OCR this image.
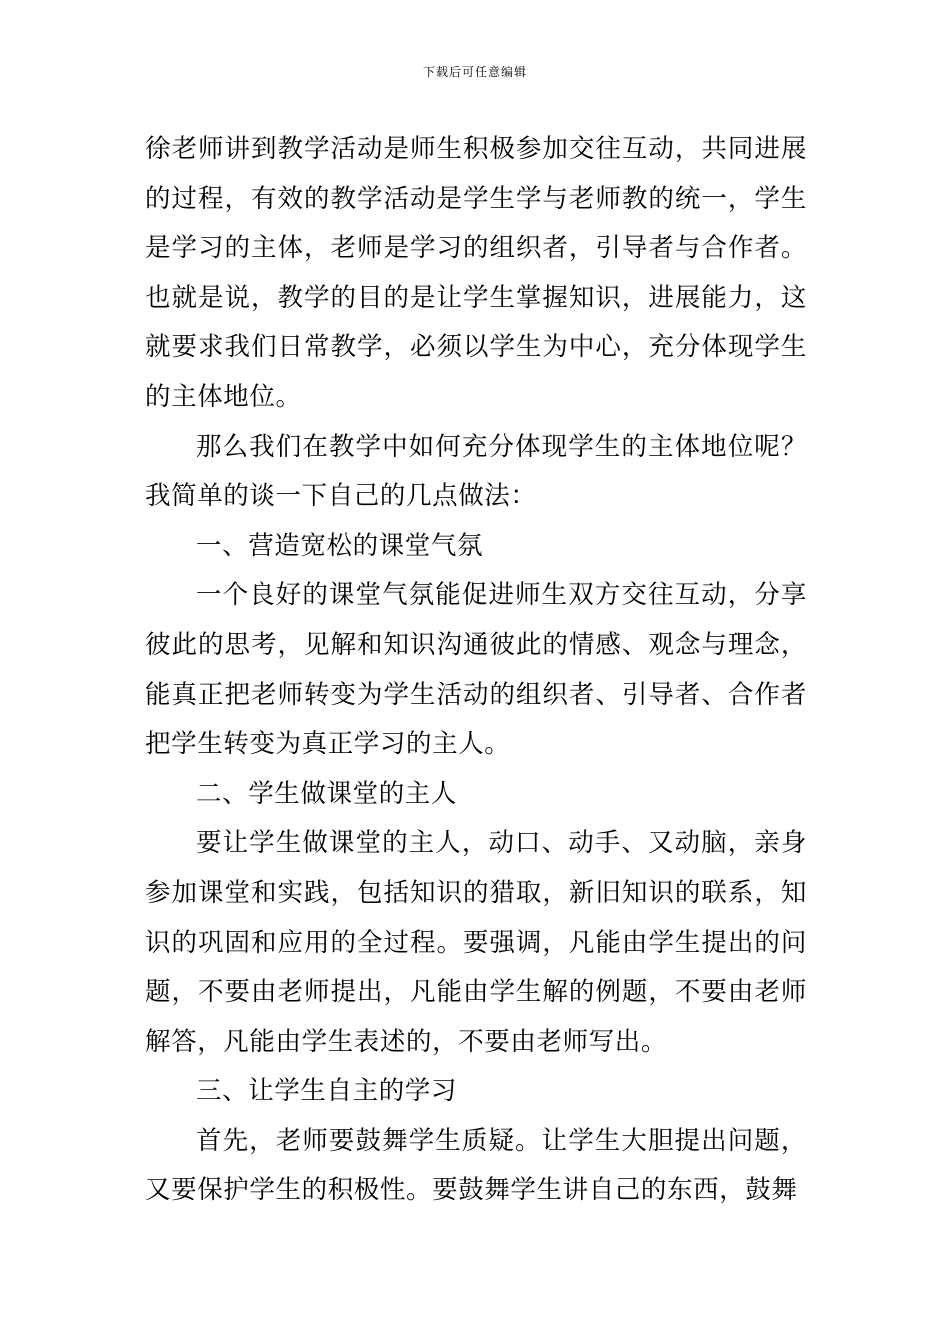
下载后可任意编辑

徐老师讲到教学活动是师生积极参加交往互动，共同进展的过程，有效的教学活动是学生学与老师教的统一，学生是学习的主体，老师是学习的组织者，引导者与合作者。也就是说，教学的目的是让学生掌握知识，进展能力，这就要求我们日常教学，必须以学生为中心，充分体现学生的主体地位。

那么我们在教学中如何充分体现学生的主体地位呢？我简单的谈一下自己的几点做法：

一、营造宽松的课堂气氛

一个良好的课堂气氛能促进师生双方交往互动，分享彼此的思考，见解和知识沟通彼此的情感、观念与理念，能真正把老师转变为学生活动的组织者、引导者、合作者把学生转变为真正学习的主人。

二、学生做课堂的主人

要让学生做课堂的主人，动口、动手、又动脑，亲身参加课堂和实践，包括知识的猎取，新旧知识的联系，知识的巩固和应用的全过程。要强调，凡能由学生提出的问题，不要由老师提出，凡能由学生解的例题，不要由老师解答，凡能由学生表述的，不要由老师写出。

三、让学生自主的学习

首先，老师要鼓舞学生质疑。让学生大胆提出问题，又要保护学生的积极性。要鼓舞学生讲自己的东西，鼓舞
